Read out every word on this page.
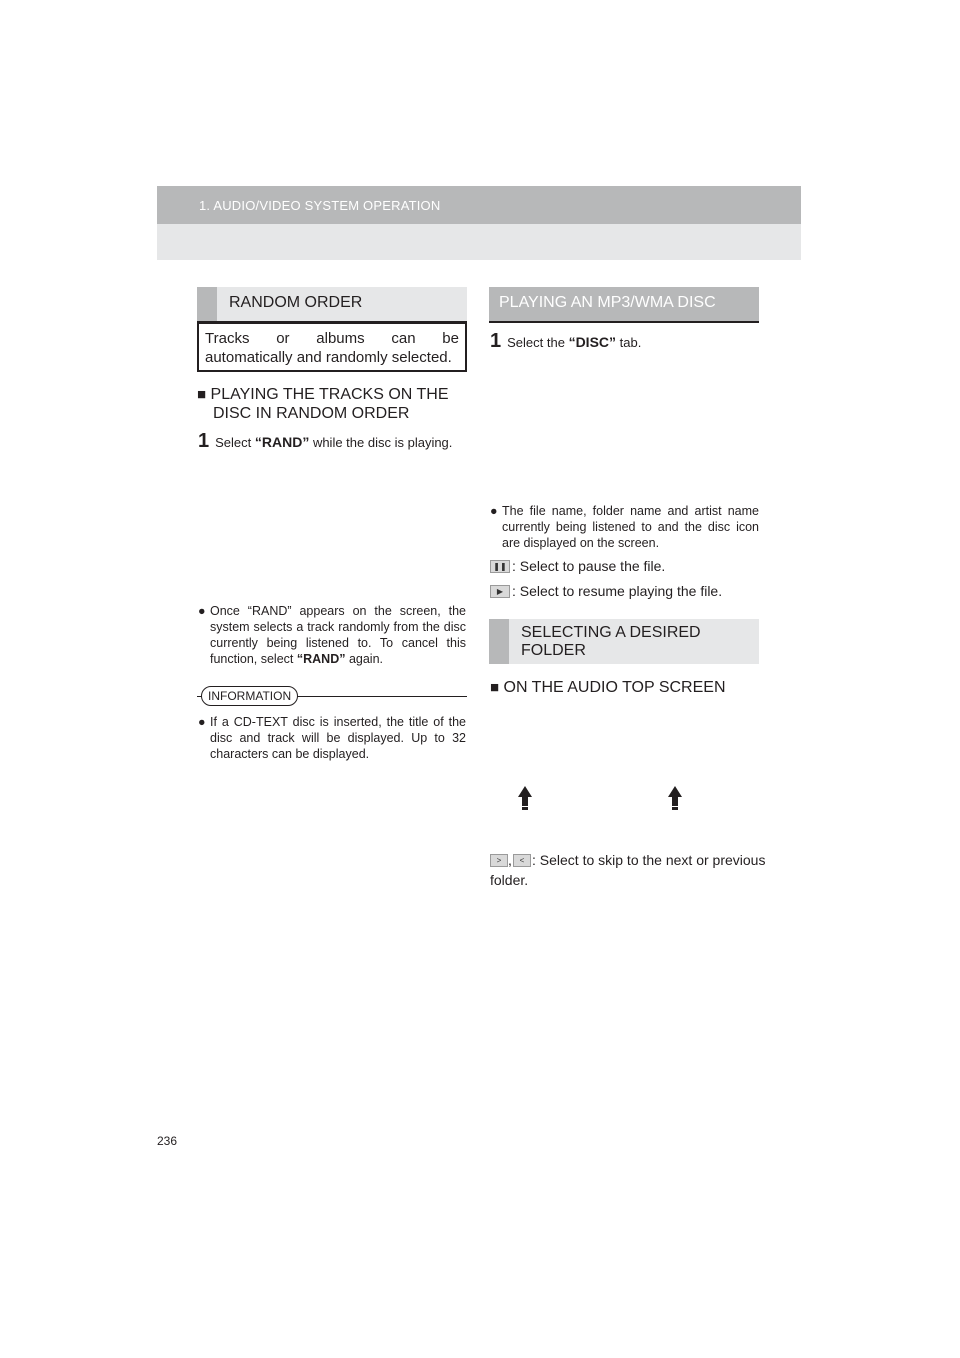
1. AUDIO/VIDEO SYSTEM OPERATION
RANDOM ORDER
Tracks or albums can be automatically and randomly selected.
■ PLAYING THE TRACKS ON THE
DISC IN RANDOM ORDER
1 Select “RAND” while the disc is playing.
● Once “RAND” appears on the screen, the system selects a track randomly from the disc currently being listened to. To cancel this function, select “RAND” again.
INFORMATION
● If a CD-TEXT disc is inserted, the title of the disc and track will be displayed. Up to 32 characters can be displayed.
PLAYING AN MP3/WMA DISC
1 Select the “DISC” tab.
● The file name, folder name and artist name currently being listened to and the disc icon are displayed on the screen.
❚❚ : Select to pause the file.
▶ : Select to resume playing the file.
SELECTING A DESIRED
FOLDER
■ ON THE AUDIO TOP SCREEN
> , < : Select to skip to the next or previous
folder.
236
